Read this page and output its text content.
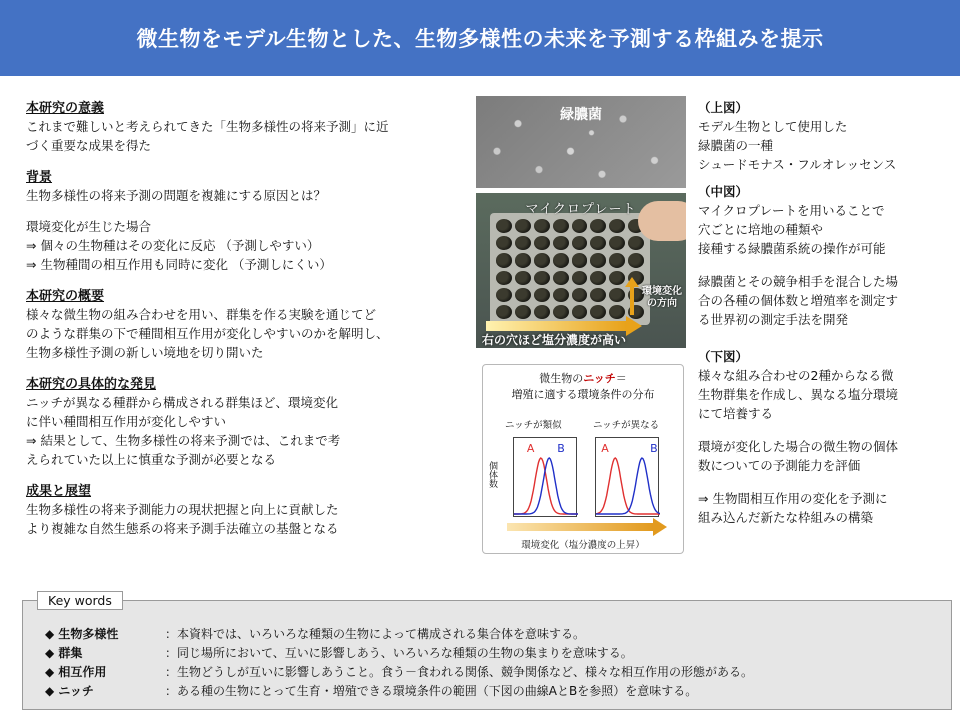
微生物をモデル生物とした、生物多様性の未来を予測する枠組みを提示
本研究の意義
これまで難しいと考えられてきた「生物多様性の将来予測」に近
づく重要な成果を得た
背景
生物多様性の将来予測の問題を複雑にする原因とは？
環境変化が生じた場合
⇒ 個々の生物種はその変化に反応 （予測しやすい）
⇒ 生物種間の相互作用も同時に変化 （予測しにくい）
本研究の概要
様々な微生物の組み合わせを用い、群集を作る実験を通じてど
のような群集の下で種間相互作用が変化しやすいのかを解明し、
生物多様性予測の新しい境地を切り開いた
本研究の具体的な発見
ニッチが異なる種群から構成される群集ほど、環境変化
に伴い種間相互作用が変化しやすい
⇒ 結果として、生物多様性の将来予測では、これまで考
えられていた以上に慎重な予測が必要となる
成果と展望
生物多様性の将来予測能力の現状把握と向上に貢献した
より複雑な自然生態系の将来予測手法確立の基盤となる
緑膿菌
マイクロプレート
環境変化
の方向
右の穴ほど塩分濃度が高い
微生物のニッチ＝
増殖に適する環境条件の分布
ニッチが類似	ニッチが異なる
個体数
A B	A	B
環境変化（塩分濃度の上昇）
（上図）
モデル生物として使用した
緑膿菌の一種
シュードモナス・フルオレッセンス
（中図）
マイクロプレートを用いることで
穴ごとに培地の種類や
接種する緑膿菌系統の操作が可能
緑膿菌とその競争相手を混合した場
合の各種の個体数と増殖率を測定す
る世界初の測定手法を開発
（下図）
様々な組み合わせの2種からなる微
生物群集を作成し、異なる塩分環境
にて培養する
環境が変化した場合の微生物の個体
数についての予測能力を評価
⇒ 生物間相互作用の変化を予測に
組み込んだ新たな枠組みの構築
Key words
◆ 生物多様性	：本資料では、いろいろな種類の生物によって構成される集合体を意味する。
◆ 群集	：同じ場所において、互いに影響しあう、いろいろな種類の生物の集まりを意味する。
◆ 相互作用	：生物どうしが互いに影響しあうこと。食う－食われる関係、競争関係など、様々な相互作用の形態がある。
◆ ニッチ	：ある種の生物にとって生育・増殖できる環境条件の範囲（下図の曲線AとBを参照）を意味する。
